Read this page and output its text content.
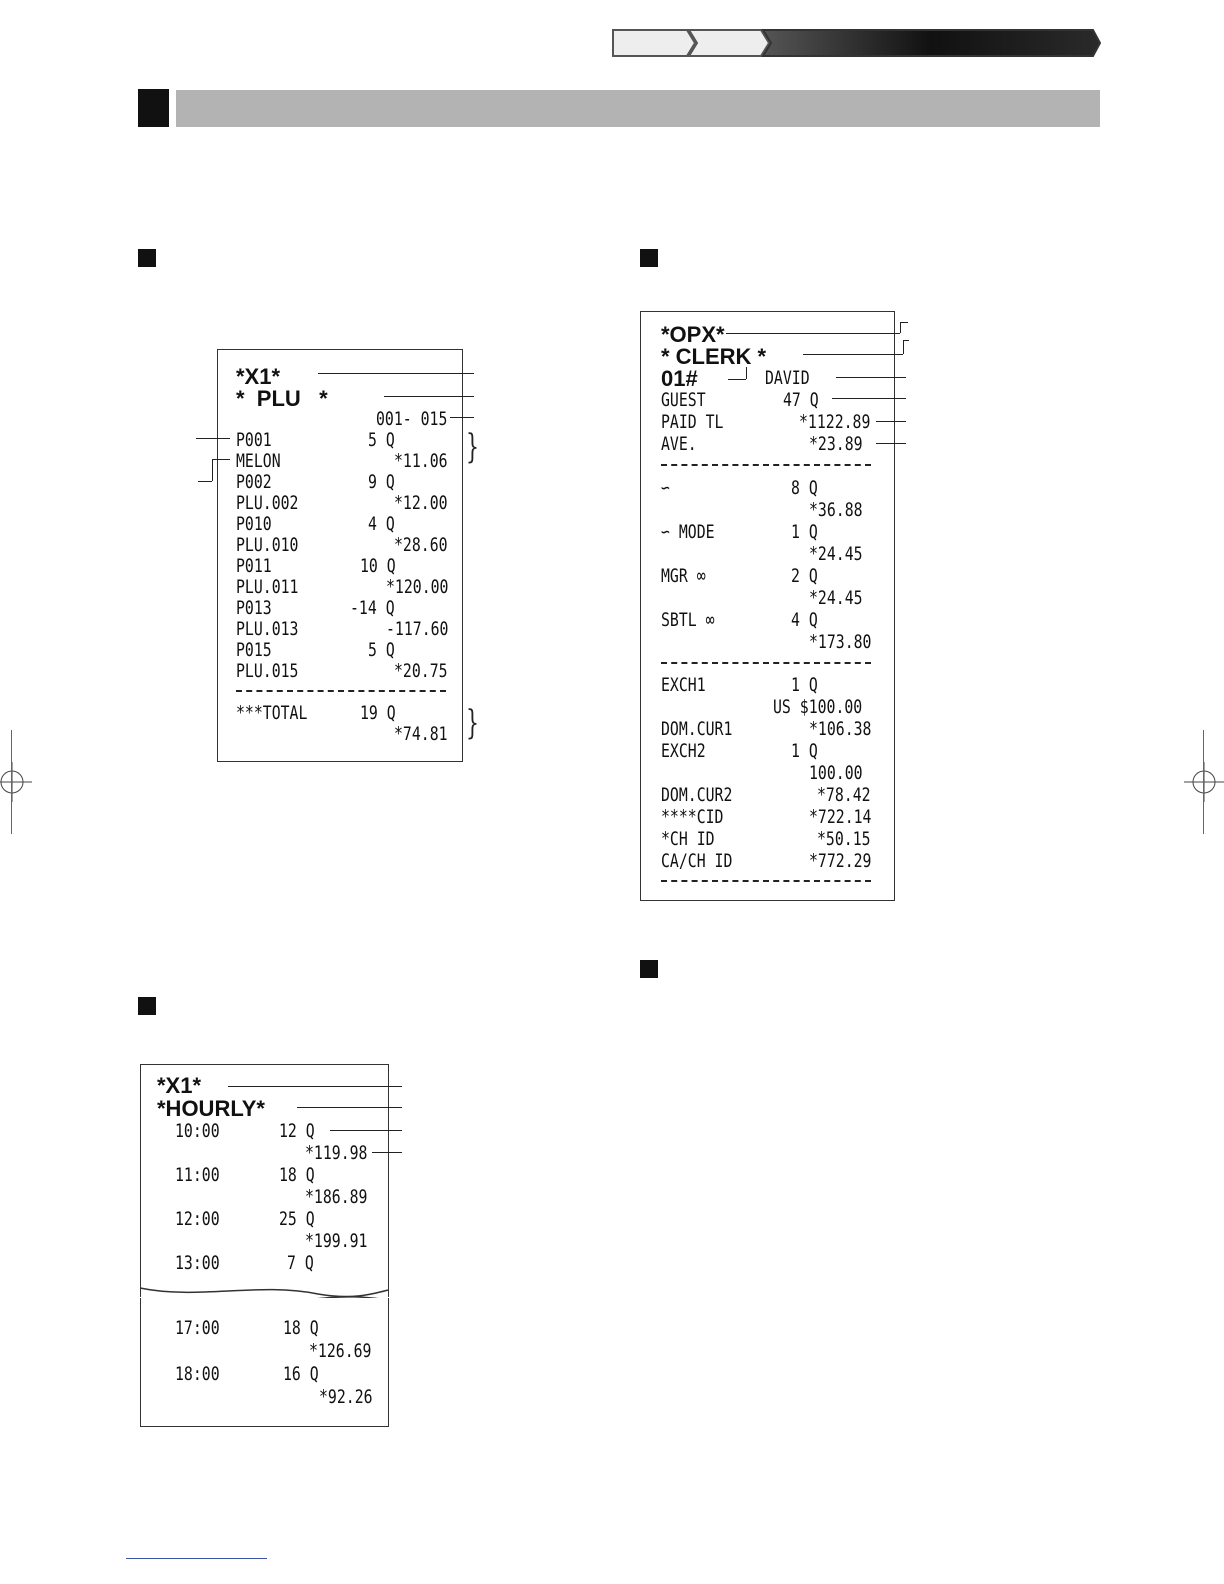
*X1*
*  PLU   *
001- 015
P001	5 Q
MELON	*11.06
P002	9 Q
PLU.002	*12.00
P010	4 Q
PLU.010	*28.60
P011	10 Q
PLU.011	*120.00
P013	-14 Q
PLU.013	-117.60
P015	5 Q
PLU.015	*20.75
***TOTAL	19 Q
*74.81
}
}
*OPX*
* CLERK *
01#	DAVID
GUEST	47 Q
PAID TL	*1122.89
AVE.	*23.89
∽	8 Q
*36.88
∽ MODE	1 Q
*24.45
MGR ∞	2 Q
*24.45
SBTL ∞	4 Q
*173.80
EXCH1	1 Q
US $100.00
DOM.CUR1	*106.38
EXCH2	1 Q
100.00
DOM.CUR2	*78.42
****CID	*722.14
*CH ID	*50.15
CA/CH ID	*772.29
*X1*
*HOURLY*
10:00	12 Q
*119.98
11:00	18 Q
*186.89
12:00	25 Q
*199.91
13:00	7 Q
17:00	18 Q
*126.69
18:00	16 Q
*92.26
